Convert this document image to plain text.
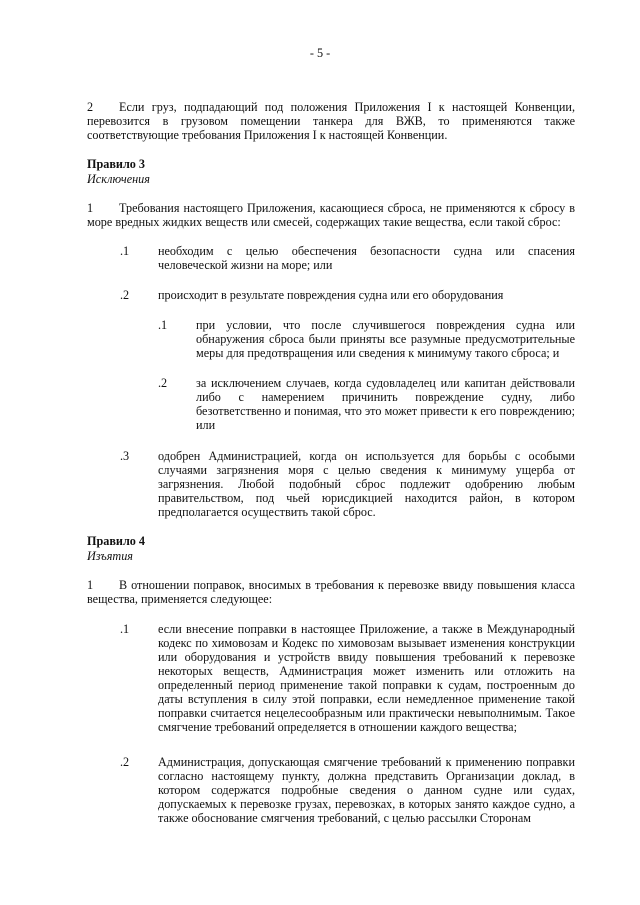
- 5 -
2 Если груз, подпадающий под положения Приложения I к настоящей Конвенции, перевозится в грузовом помещении танкера для ВЖВ, то применяются также соответствующие требования Приложения I к настоящей Конвенции.
Правило 3
Исключения
1 Требования настоящего Приложения, касающиеся сброса, не применяются к сбросу в море вредных жидких веществ или смесей, содержащих такие вещества, если такой сброс:
.1 необходим с целью обеспечения безопасности судна или спасения человеческой жизни на море; или
.2 происходит в результате повреждения судна или его оборудования
.1 при условии, что после случившегося повреждения судна или обнаружения сброса были приняты все разумные предусмотрительные меры для предотвращения или сведения к минимуму такого сброса; и
.2 за исключением случаев, когда судовладелец или капитан действовали либо с намерением причинить повреждение судну, либо безответственно и понимая, что это может привести к его повреждению; или
.3 одобрен Администрацией, когда он используется для борьбы с особыми случаями загрязнения моря с целью сведения к минимуму ущерба от загрязнения. Любой подобный сброс подлежит одобрению любым правительством, под чьей юрисдикцией находится район, в котором предполагается осуществить такой сброс.
Правило 4
Изъятия
1 В отношении поправок, вносимых в требования к перевозке ввиду повышения класса вещества, применяется следующее:
.1 если внесение поправки в настоящее Приложение, а также в Международный кодекс по химовозам и Кодекс по химовозам вызывает изменения конструкции или оборудования и устройств ввиду повышения требований к перевозке некоторых веществ, Администрация может изменить или отложить на определенный период применение такой поправки к судам, построенным до даты вступления в силу этой поправки, если немедленное применение такой поправки считается нецелесообразным или практически невыполнимым. Такое смягчение требований определяется в отношении каждого вещества;
.2 Администрация, допускающая смягчение требований к применению поправки согласно настоящему пункту, должна представить Организации доклад, в котором содержатся подробные сведения о данном судне или судах, допускаемых к перевозке грузах, перевозках, в которых занято каждое судно, а также обоснование смягчения требований, с целью рассылки Сторонам
